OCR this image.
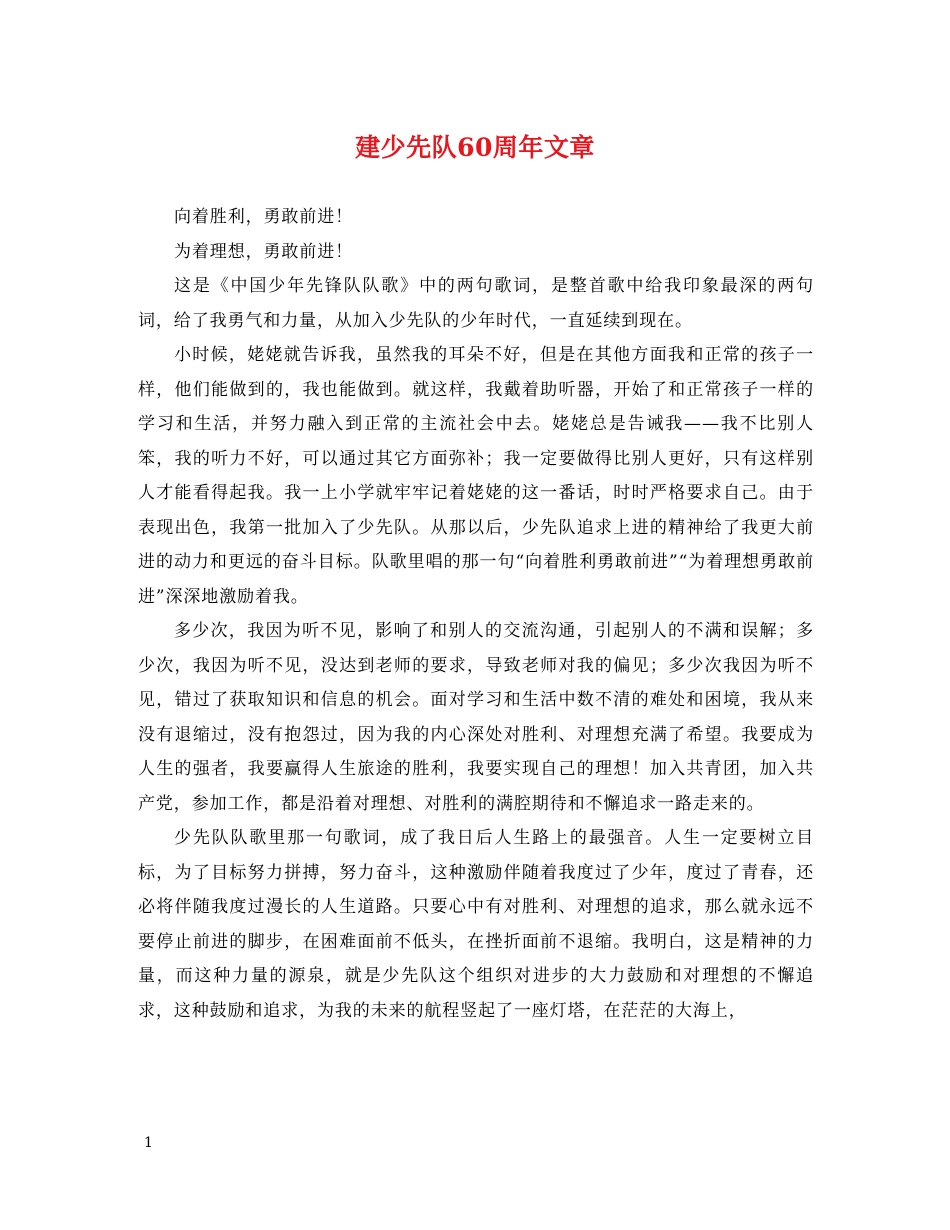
建少先队60周年文章

向着胜利，勇敢前进！

为着理想，勇敢前进！

这是《中国少年先锋队队歌》中的两句歌词，是整首歌中给我印象最深的两句词，给了我勇气和力量，从加入少先队的少年时代，一直延续到现在。

小时候，姥姥就告诉我，虽然我的耳朵不好，但是在其他方面我和正常的孩子一样，他们能做到的，我也能做到。就这样，我戴着助听器，开始了和正常孩子一样的学习和生活，并努力融入到正常的主流社会中去。姥姥总是告诫我——我不比别人笨，我的听力不好，可以通过其它方面弥补；我一定要做得比别人更好，只有这样别人才能看得起我。我一上小学就牢牢记着姥姥的这一番话，时时严格要求自己。由于表现出色，我第一批加入了少先队。从那以后，少先队追求上进的精神给了我更大前进的动力和更远的奋斗目标。队歌里唱的那一句“向着胜利勇敢前进”“为着理想勇敢前进”深深地激励着我。

多少次，我因为听不见，影响了和别人的交流沟通，引起别人的不满和误解；多少次，我因为听不见，没达到老师的要求，导致老师对我的偏见；多少次我因为听不见，错过了获取知识和信息的机会。面对学习和生活中数不清的难处和困境，我从来没有退缩过，没有抱怨过，因为我的内心深处对胜利、对理想充满了希望。我要成为人生的强者，我要赢得人生旅途的胜利，我要实现自己的理想！加入共青团，加入共产党，参加工作，都是沿着对理想、对胜利的满腔期待和不懈追求一路走来的。

少先队队歌里那一句歌词，成了我日后人生路上的最强音。人生一定要树立目标，为了目标努力拼搏，努力奋斗，这种激励伴随着我度过了少年，度过了青春，还必将伴随我度过漫长的人生道路。只要心中有对胜利、对理想的追求，那么就永远不要停止前进的脚步，在困难面前不低头，在挫折面前不退缩。我明白，这是精神的力量，而这种力量的源泉，就是少先队这个组织对进步的大力鼓励和对理想的不懈追求，这种鼓励和追求，为我的未来的航程竖起了一座灯塔，在茫茫的大海上，

1
